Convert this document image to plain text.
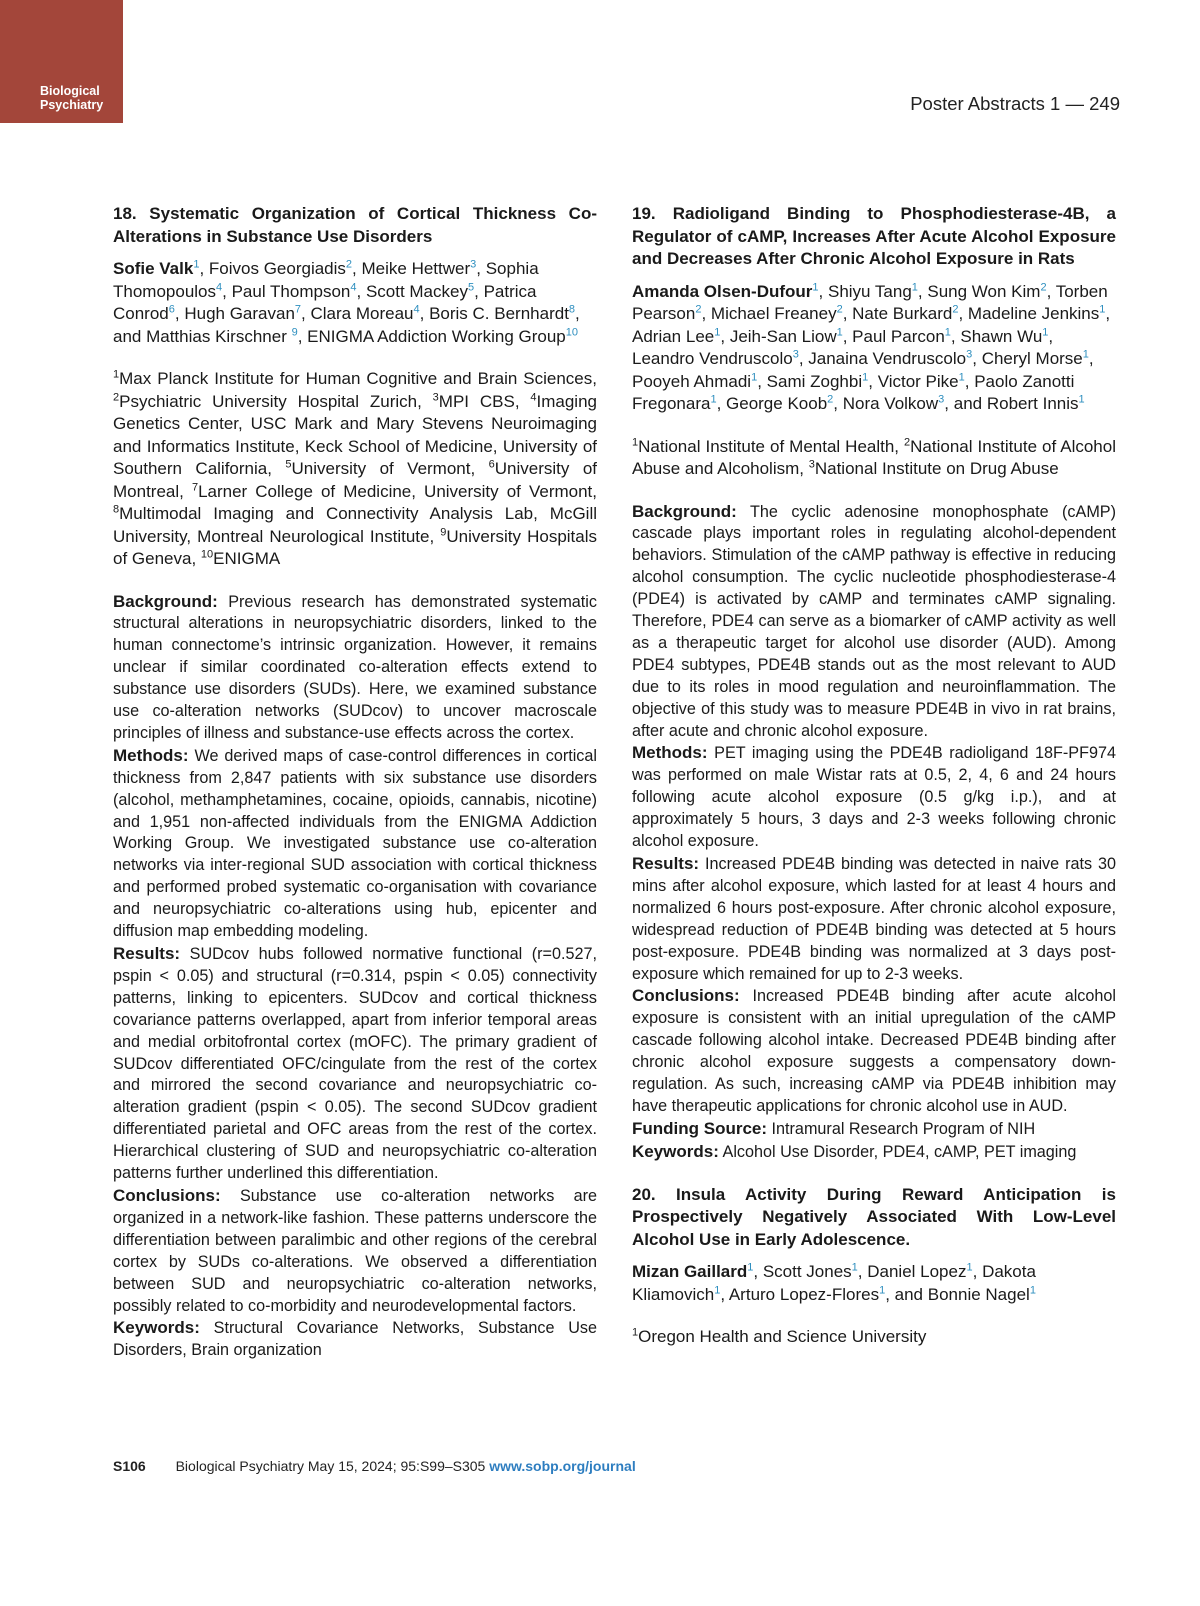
Biological
Psychiatry	Poster Abstracts 1 — 249
18. Systematic Organization of Cortical Thickness Co-Alterations in Substance Use Disorders
Sofie Valk$^1$, Foivos Georgiadis$^2$, Meike Hettwer$^3$, Sophia Thomopoulos$^4$, Paul Thompson$^4$, Scott Mackey$^5$, Patrica Conrod$^6$, Hugh Garavan$^7$, Clara Moreau$^4$, Boris C. Bernhardt$^8$, and Matthias Kirschner $^9$, ENIGMA Addiction Working Group$^{10}$
$^1$Max Planck Institute for Human Cognitive and Brain Sciences, $^2$Psychiatric University Hospital Zurich, $^3$MPI CBS, $^4$Imaging Genetics Center, USC Mark and Mary Stevens Neuroimaging and Informatics Institute, Keck School of Medicine, University of Southern California, $^5$University of Vermont, $^6$University of Montreal, $^7$Larner College of Medicine, University of Vermont, $^8$Multimodal Imaging and Connectivity Analysis Lab, McGill University, Montreal Neurological Institute, $^9$University Hospitals of Geneva, $^{10}$ENIGMA

Background: Previous research has demonstrated systematic structural alterations in neuropsychiatric disorders, linked to the human connectome’s intrinsic organization. However, it remains unclear if similar coordinated co-alteration effects extend to substance use disorders (SUDs). Here, we examined substance use co-alteration networks (SUDcov) to uncover macroscale principles of illness and substance-use effects across the cortex.

Methods: We derived maps of case-control differences in cortical thickness from 2,847 patients with six substance use disorders (alcohol, methamphetamines, cocaine, opioids, cannabis, nicotine) and 1,951 non-affected individuals from the ENIGMA Addiction Working Group. We investigated substance use co-alteration networks via inter-regional SUD association with cortical thickness and performed probed systematic co-organisation with covariance and neuropsychiatric co-alterations using hub, epicenter and diffusion map embedding modeling.

Results: SUDcov hubs followed normative functional (r=0.527, pspin < 0.05) and structural (r=0.314, pspin < 0.05) connectivity patterns, linking to epicenters. SUDcov and cortical thickness covariance patterns overlapped, apart from inferior temporal areas and medial orbitofrontal cortex (mOFC). The primary gradient of SUDcov differentiated OFC/cingulate from the rest of the cortex and mirrored the second covariance and neuropsychiatric co-alteration gradient (pspin < 0.05). The second SUDcov gradient differentiated parietal and OFC areas from the rest of the cortex. Hierarchical clustering of SUD and neuropsychiatric co-alteration patterns further underlined this differentiation.

Conclusions: Substance use co-alteration networks are organized in a network-like fashion. These patterns underscore the differentiation between paralimbic and other regions of the cerebral cortex by SUDs co-alterations. We observed a differentiation between SUD and neuropsychiatric co-alteration networks, possibly related to co-morbidity and neurodevelopmental factors.

Keywords: Structural Covariance Networks, Substance Use Disorders, Brain organization

19. Radioligand Binding to Phosphodiesterase-4B, a Regulator of cAMP, Increases After Acute Alcohol Exposure and Decreases After Chronic Alcohol Exposure in Rats
Amanda Olsen-Dufour$^1$, Shiyu Tang$^1$, Sung Won Kim$^2$, Torben Pearson$^2$, Michael Freaney$^2$, Nate Burkard$^2$, Madeline Jenkins$^1$, Adrian Lee$^1$, Jeih-San Liow$^1$, Paul Parcon$^1$, Shawn Wu$^1$, Leandro Vendruscolo$^3$, Janaina Vendruscolo$^3$, Cheryl Morse$^1$, Pooyeh Ahmadi$^1$, Sami Zoghbi$^1$, Victor Pike$^1$, Paolo Zanotti Fregonara$^1$, George Koob$^2$, Nora Volkow$^3$, and Robert Innis$^1$
$^1$National Institute of Mental Health, $^2$National Institute of Alcohol Abuse and Alcoholism, $^3$National Institute on Drug Abuse

Background: The cyclic adenosine monophosphate (cAMP) cascade plays important roles in regulating alcohol-dependent behaviors. Stimulation of the cAMP pathway is effective in reducing alcohol consumption. The cyclic nucleotide phosphodiesterase-4 (PDE4) is activated by cAMP and terminates cAMP signaling. Therefore, PDE4 can serve as a biomarker of cAMP activity as well as a therapeutic target for alcohol use disorder (AUD). Among PDE4 subtypes, PDE4B stands out as the most relevant to AUD due to its roles in mood regulation and neuroinflammation. The objective of this study was to measure PDE4B in vivo in rat brains, after acute and chronic alcohol exposure.

Methods: PET imaging using the PDE4B radioligand 18F-PF974 was performed on male Wistar rats at 0.5, 2, 4, 6 and 24 hours following acute alcohol exposure (0.5 g/kg i.p.), and at approximately 5 hours, 3 days and 2-3 weeks following chronic alcohol exposure.

Results: Increased PDE4B binding was detected in naive rats 30 mins after alcohol exposure, which lasted for at least 4 hours and normalized 6 hours post-exposure. After chronic alcohol exposure, widespread reduction of PDE4B binding was detected at 5 hours post-exposure. PDE4B binding was normalized at 3 days post-exposure which remained for up to 2-3 weeks.

Conclusions: Increased PDE4B binding after acute alcohol exposure is consistent with an initial upregulation of the cAMP cascade following alcohol intake. Decreased PDE4B binding after chronic alcohol exposure suggests a compensatory down-regulation. As such, increasing cAMP via PDE4B inhibition may have therapeutic applications for chronic alcohol use in AUD.

Funding Source: Intramural Research Program of NIH

Keywords: Alcohol Use Disorder, PDE4, cAMP, PET imaging

20. Insula Activity During Reward Anticipation is Prospectively Negatively Associated With Low-Level Alcohol Use in Early Adolescence.
Mizan Gaillard$^1$, Scott Jones$^1$, Daniel Lopez$^1$, Dakota Kliamovich$^1$, Arturo Lopez-Flores$^1$, and Bonnie Nagel$^1$
$^1$Oregon Health and Science University
S106 Biological Psychiatry May 15, 2024; 95:S99–S305 www.sobp.org/journal
